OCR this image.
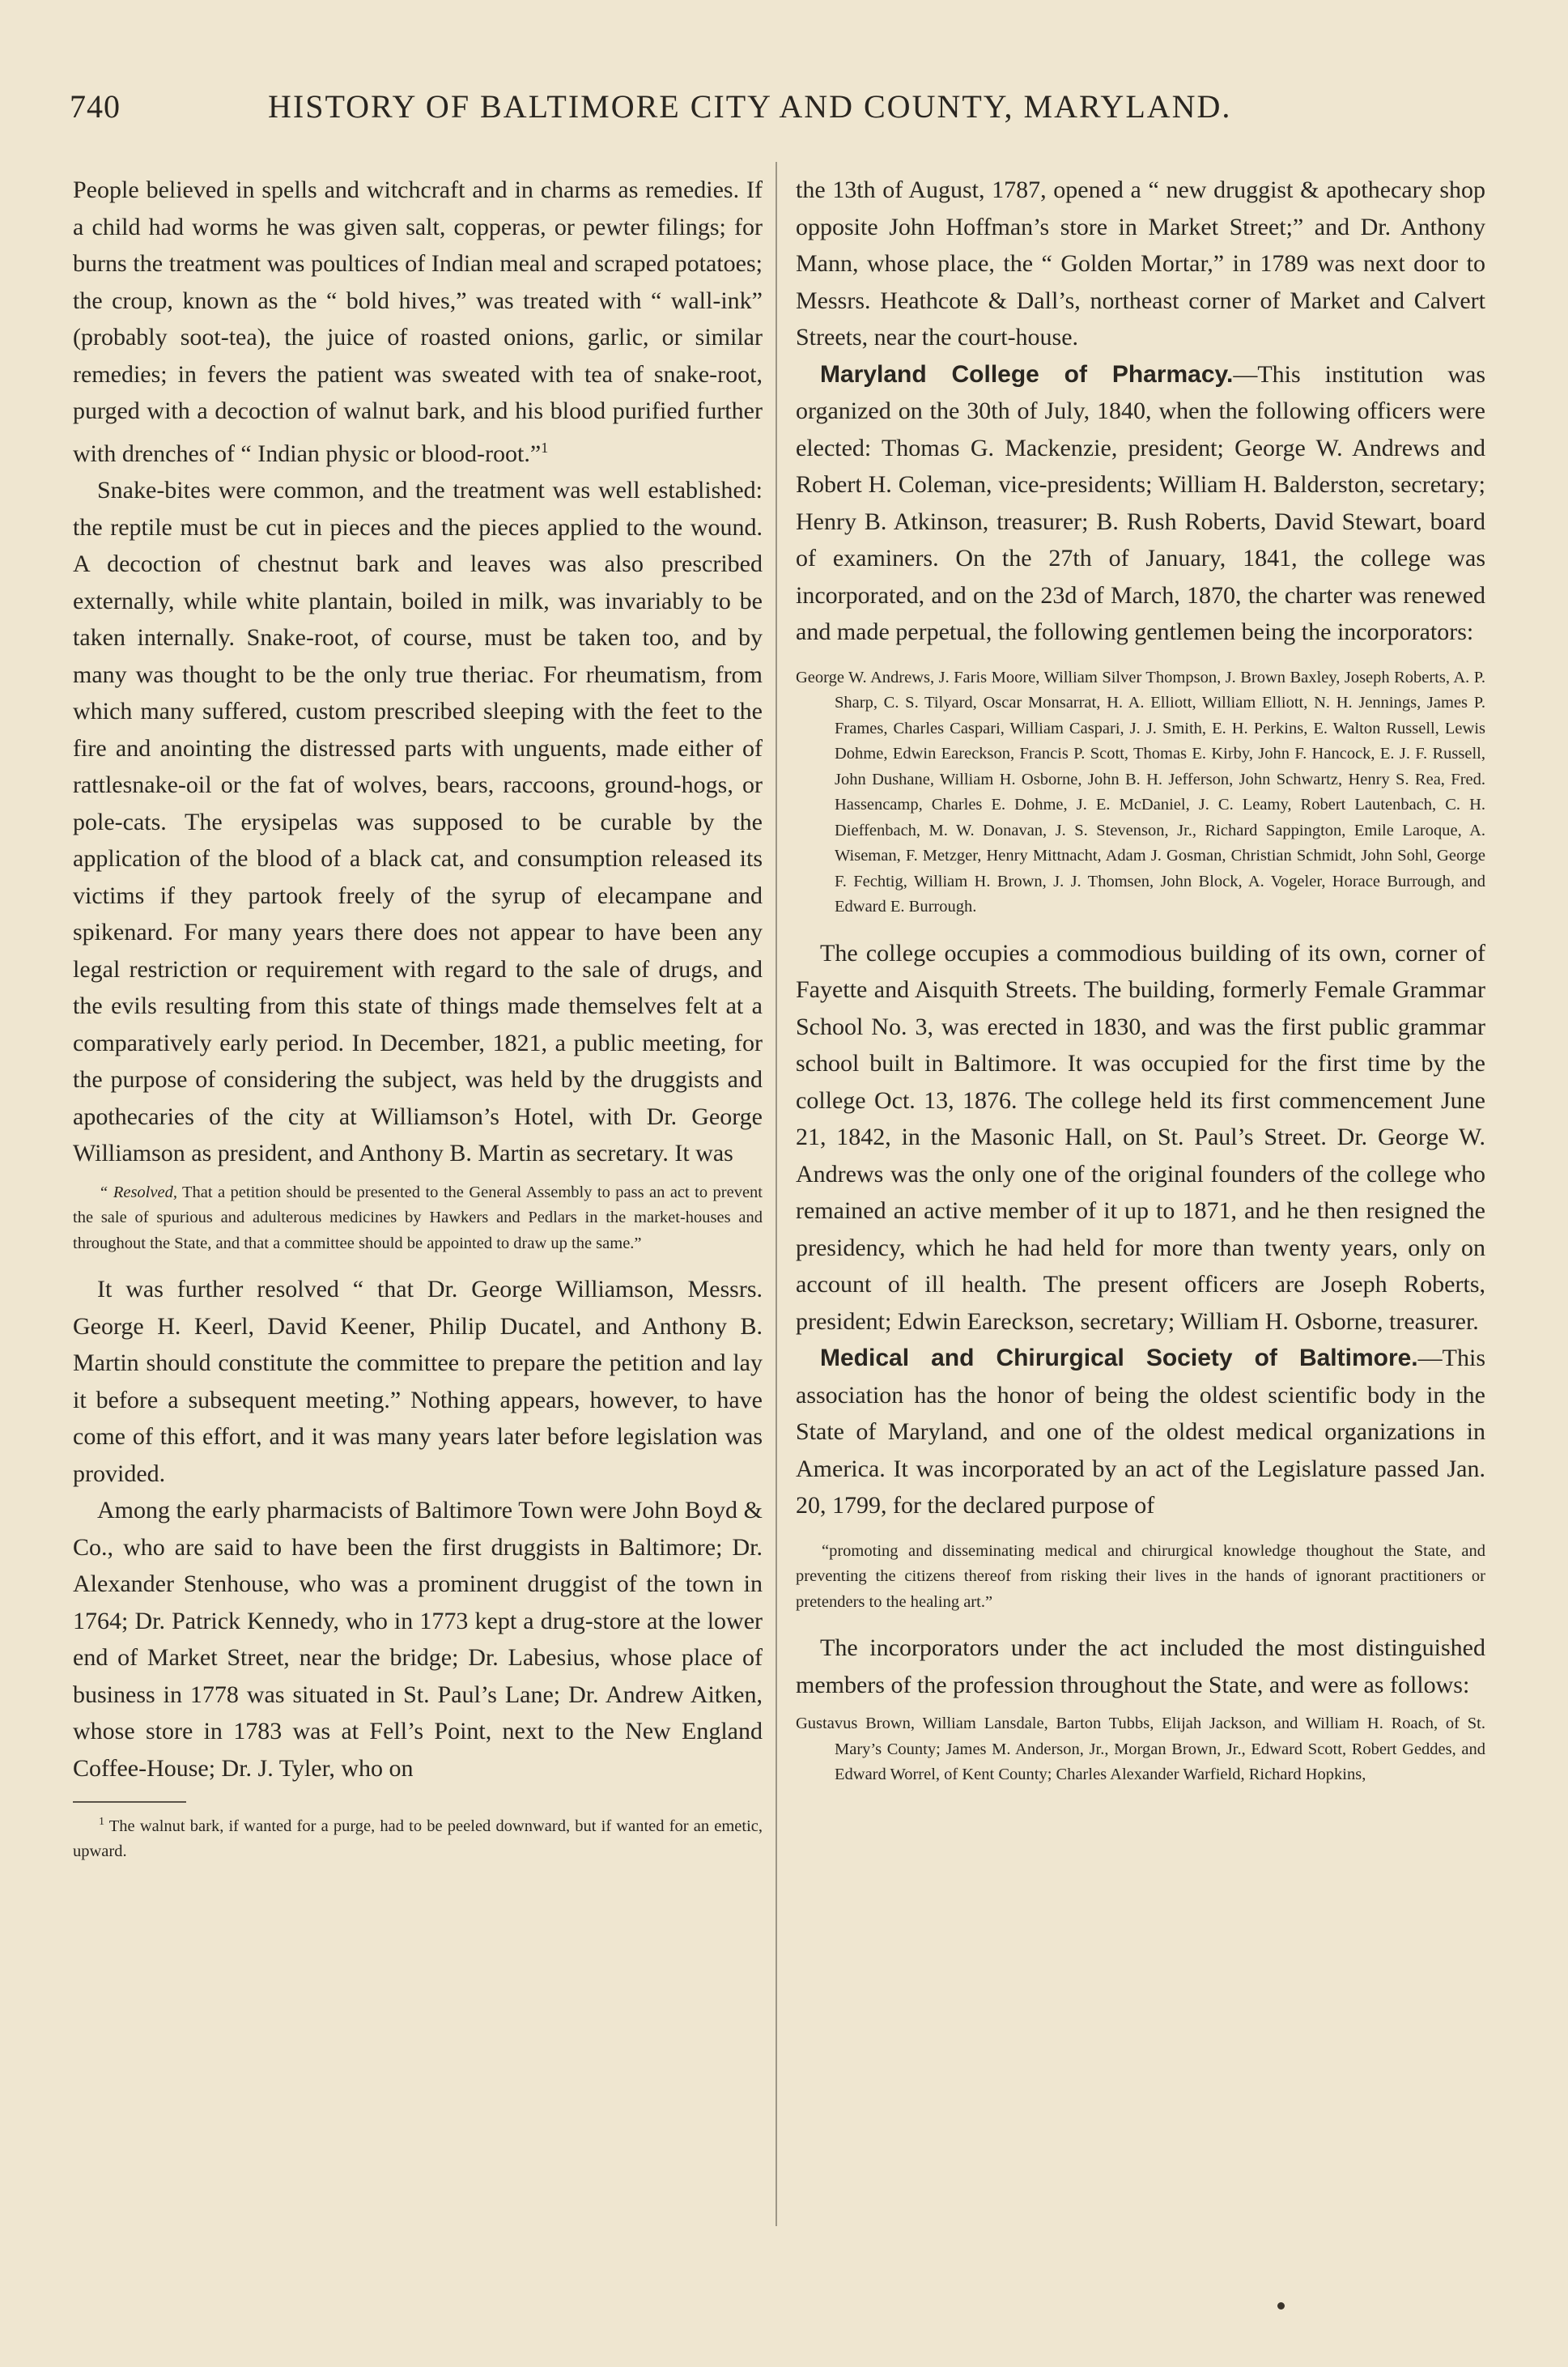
740	HISTORY OF BALTIMORE CITY AND COUNTY, MARYLAND.

People believed in spells and witchcraft and in charms as remedies. If a child had worms he was given salt, copperas, or pewter filings; for burns the treatment was poultices of Indian meal and scraped potatoes; the croup, known as the “ bold hives,” was treated with “ wall-ink” (probably soot-tea), the juice of roasted onions, garlic, or similar remedies; in fevers the patient was sweated with tea of snake-root, purged with a decoction of walnut bark, and his blood purified further with drenches of “ Indian physic or blood-root.”$^1$

Snake-bites were common, and the treatment was well established: the reptile must be cut in pieces and the pieces applied to the wound. A decoction of chestnut bark and leaves was also prescribed externally, while white plantain, boiled in milk, was invariably to be taken internally. Snake-root, of course, must be taken too, and by many was thought to be the only true theriac. For rheumatism, from which many suffered, custom prescribed sleeping with the feet to the fire and anointing the distressed parts with unguents, made either of rattlesnake-oil or the fat of wolves, bears, raccoons, ground-hogs, or pole-cats. The erysipelas was supposed to be curable by the application of the blood of a black cat, and consumption released its victims if they partook freely of the syrup of elecampane and spikenard. For many years there does not appear to have been any legal restriction or requirement with regard to the sale of drugs, and the evils resulting from this state of things made themselves felt at a comparatively early period. In December, 1821, a public meeting, for the purpose of considering the subject, was held by the druggists and apothecaries of the city at Williamson’s Hotel, with Dr. George Williamson as president, and Anthony B. Martin as secretary. It was

“ Resolved, That a petition should be presented to the General Assembly to pass an act to prevent the sale of spurious and adulterous medicines by Hawkers and Pedlars in the market-houses and throughout the State, and that a committee should be appointed to draw up the same.”

It was further resolved “ that Dr. George Williamson, Messrs. George H. Keerl, David Keener, Philip Ducatel, and Anthony B. Martin should constitute the committee to prepare the petition and lay it before a subsequent meeting.” Nothing appears, however, to have come of this effort, and it was many years later before legislation was provided.

Among the early pharmacists of Baltimore Town were John Boyd & Co., who are said to have been the first druggists in Baltimore; Dr. Alexander Stenhouse, who was a prominent druggist of the town in 1764; Dr. Patrick Kennedy, who in 1773 kept a drug-store at the lower end of Market Street, near the bridge; Dr. Labesius, whose place of business in 1778 was situated in St. Paul’s Lane; Dr. Andrew Aitken, whose store in 1783 was at Fell’s Point, next to the New England Coffee-House; Dr. J. Tyler, who on

$^1$ The walnut bark, if wanted for a purge, had to be peeled downward, but if wanted for an emetic, upward.

the 13th of August, 1787, opened a “ new druggist & apothecary shop opposite John Hoffman’s store in Market Street;” and Dr. Anthony Mann, whose place, the “ Golden Mortar,” in 1789 was next door to Messrs. Heathcote & Dall’s, northeast corner of Market and Calvert Streets, near the court-house.

Maryland College of Pharmacy.—This institution was organized on the 30th of July, 1840, when the following officers were elected: Thomas G. Mackenzie, president; George W. Andrews and Robert H. Coleman, vice-presidents; William H. Balderston, secretary; Henry B. Atkinson, treasurer; B. Rush Roberts, David Stewart, board of examiners. On the 27th of January, 1841, the college was incorporated, and on the 23d of March, 1870, the charter was renewed and made perpetual, the following gentlemen being the incorporators:

George W. Andrews, J. Faris Moore, William Silver Thompson, J. Brown Baxley, Joseph Roberts, A. P. Sharp, C. S. Tilyard, Oscar Monsarrat, H. A. Elliott, William Elliott, N. H. Jennings, James P. Frames, Charles Caspari, William Caspari, J. J. Smith, E. H. Perkins, E. Walton Russell, Lewis Dohme, Edwin Eareckson, Francis P. Scott, Thomas E. Kirby, John F. Hancock, E. J. F. Russell, John Dushane, William H. Osborne, John B. H. Jefferson, John Schwartz, Henry S. Rea, Fred. Hassencamp, Charles E. Dohme, J. E. McDaniel, J. C. Leamy, Robert Lautenbach, C. H. Dieffenbach, M. W. Donavan, J. S. Stevenson, Jr., Richard Sappington, Emile Laroque, A. Wiseman, F. Metzger, Henry Mittnacht, Adam J. Gosman, Christian Schmidt, John Sohl, George F. Fechtig, William H. Brown, J. J. Thomsen, John Block, A. Vogeler, Horace Burrough, and Edward E. Burrough.

The college occupies a commodious building of its own, corner of Fayette and Aisquith Streets. The building, formerly Female Grammar School No. 3, was erected in 1830, and was the first public grammar school built in Baltimore. It was occupied for the first time by the college Oct. 13, 1876. The college held its first commencement June 21, 1842, in the Masonic Hall, on St. Paul’s Street. Dr. George W. Andrews was the only one of the original founders of the college who remained an active member of it up to 1871, and he then resigned the presidency, which he had held for more than twenty years, only on account of ill health. The present officers are Joseph Roberts, president; Edwin Eareckson, secretary; William H. Osborne, treasurer.

Medical and Chirurgical Society of Baltimore.—This association has the honor of being the oldest scientific body in the State of Maryland, and one of the oldest medical organizations in America. It was incorporated by an act of the Legislature passed Jan. 20, 1799, for the declared purpose of

“promoting and disseminating medical and chirurgical knowledge thoughout the State, and preventing the citizens thereof from risking their lives in the hands of ignorant practitioners or pretenders to the healing art.”

The incorporators under the act included the most distinguished members of the profession throughout the State, and were as follows:

Gustavus Brown, William Lansdale, Barton Tubbs, Elijah Jackson, and William H. Roach, of St. Mary’s County; James M. Anderson, Jr., Morgan Brown, Jr., Edward Scott, Robert Geddes, and Edward Worrel, of Kent County; Charles Alexander Warfield, Richard Hopkins,
